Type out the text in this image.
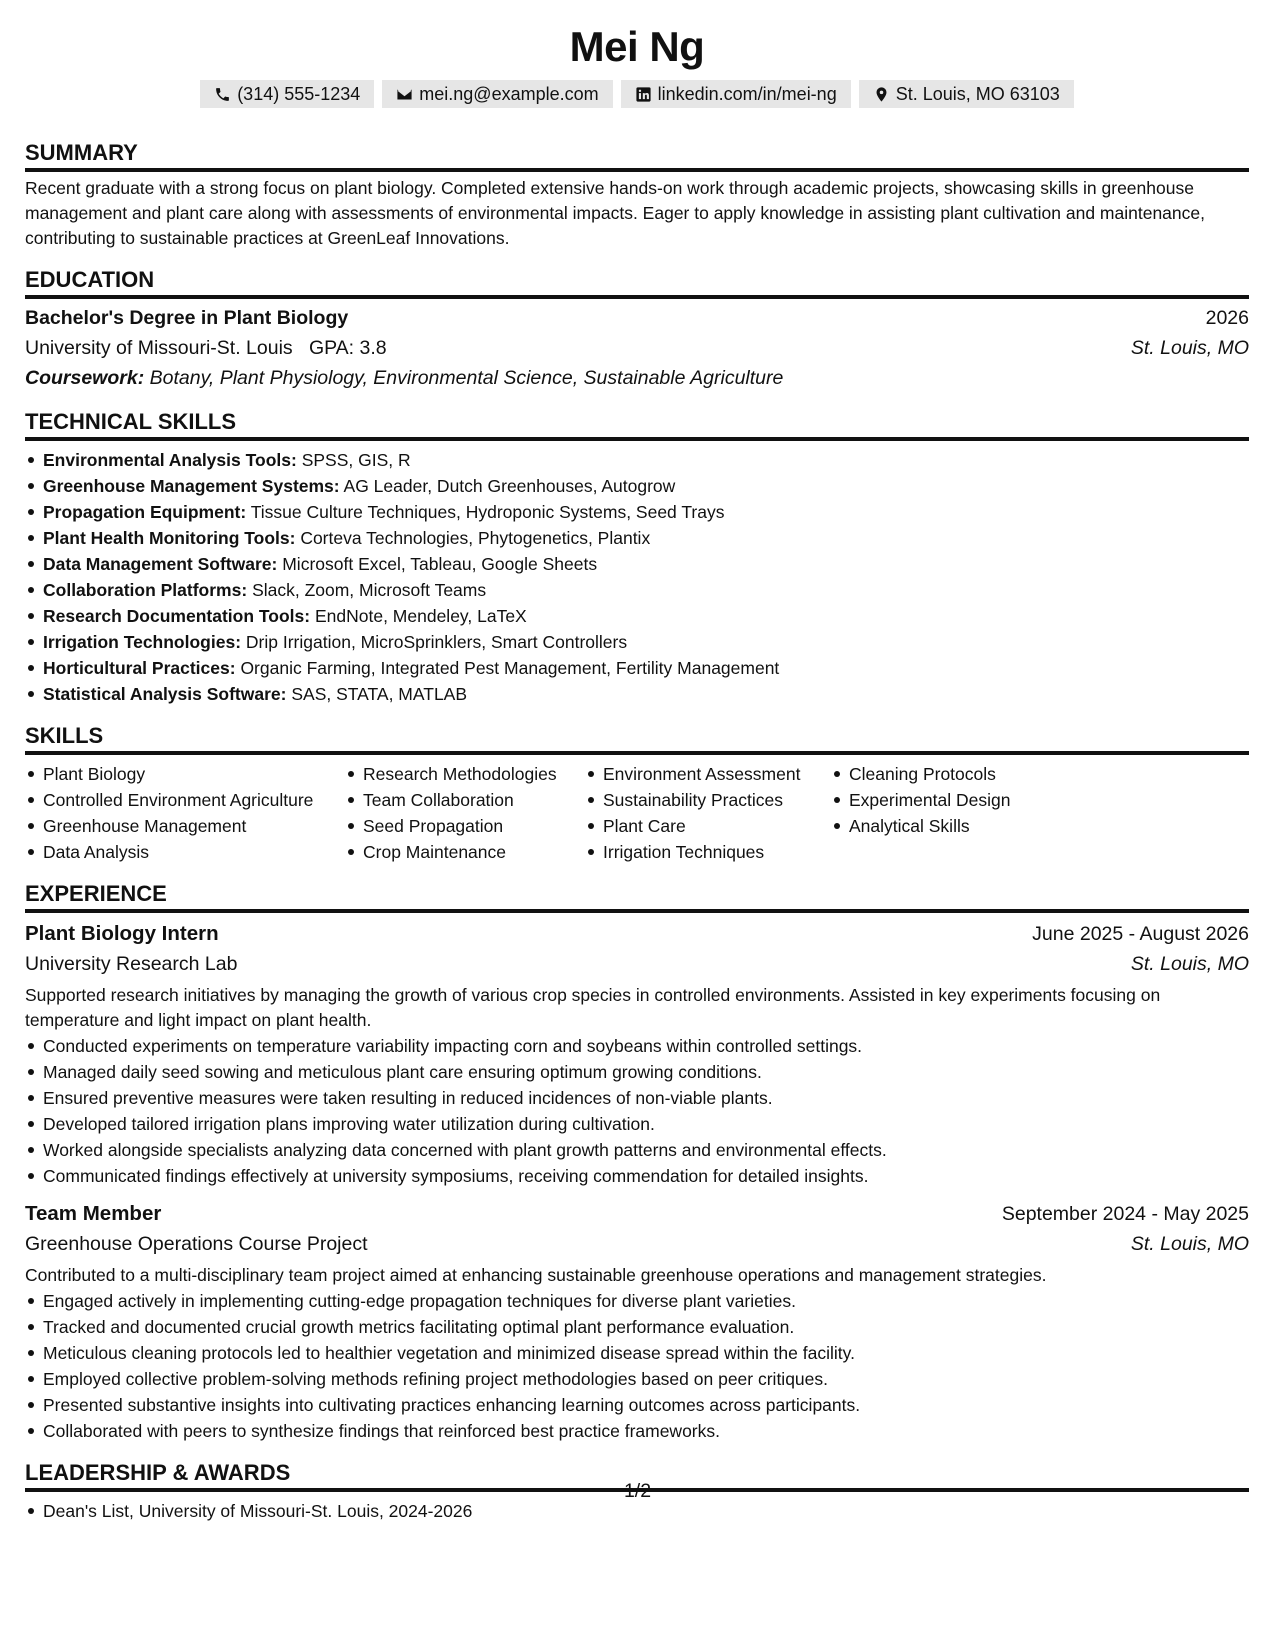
Mei Ng
(314) 555-1234	mei.ng@example.com	linkedin.com/in/mei-ng	St. Louis, MO 63103
SUMMARY
Recent graduate with a strong focus on plant biology. Completed extensive hands-on work through academic projects, showcasing skills in greenhouse management and plant care along with assessments of environmental impacts. Eager to apply knowledge in assisting plant cultivation and maintenance, contributing to sustainable practices at GreenLeaf Innovations.
EDUCATION
Bachelor's Degree in Plant Biology	2026
University of Missouri-St. Louis GPA: 3.8	St. Louis, MO
Coursework: Botany, Plant Physiology, Environmental Science, Sustainable Agriculture
TECHNICAL SKILLS
Environmental Analysis Tools: SPSS, GIS, R
Greenhouse Management Systems: AG Leader, Dutch Greenhouses, Autogrow
Propagation Equipment: Tissue Culture Techniques, Hydroponic Systems, Seed Trays
Plant Health Monitoring Tools: Corteva Technologies, Phytogenetics, Plantix
Data Management Software: Microsoft Excel, Tableau, Google Sheets
Collaboration Platforms: Slack, Zoom, Microsoft Teams
Research Documentation Tools: EndNote, Mendeley, LaTeX
Irrigation Technologies: Drip Irrigation, MicroSprinklers, Smart Controllers
Horticultural Practices: Organic Farming, Integrated Pest Management, Fertility Management
Statistical Analysis Software: SAS, STATA, MATLAB
SKILLS
Plant Biology
Controlled Environment Agriculture
Greenhouse Management
Data Analysis
Research Methodologies
Team Collaboration
Seed Propagation
Crop Maintenance
Environment Assessment
Sustainability Practices
Plant Care
Irrigation Techniques
Cleaning Protocols
Experimental Design
Analytical Skills
EXPERIENCE
Plant Biology Intern	June 2025 - August 2026
University Research Lab	St. Louis, MO
Supported research initiatives by managing the growth of various crop species in controlled environments. Assisted in key experiments focusing on temperature and light impact on plant health.
Conducted experiments on temperature variability impacting corn and soybeans within controlled settings.
Managed daily seed sowing and meticulous plant care ensuring optimum growing conditions.
Ensured preventive measures were taken resulting in reduced incidences of non-viable plants.
Developed tailored irrigation plans improving water utilization during cultivation.
Worked alongside specialists analyzing data concerned with plant growth patterns and environmental effects.
Communicated findings effectively at university symposiums, receiving commendation for detailed insights.
Team Member	September 2024 - May 2025
Greenhouse Operations Course Project	St. Louis, MO
Contributed to a multi-disciplinary team project aimed at enhancing sustainable greenhouse operations and management strategies.
Engaged actively in implementing cutting-edge propagation techniques for diverse plant varieties.
Tracked and documented crucial growth metrics facilitating optimal plant performance evaluation.
Meticulous cleaning protocols led to healthier vegetation and minimized disease spread within the facility.
Employed collective problem-solving methods refining project methodologies based on peer critiques.
Presented substantive insights into cultivating practices enhancing learning outcomes across participants.
Collaborated with peers to synthesize findings that reinforced best practice frameworks.
LEADERSHIP & AWARDS
Dean's List, University of Missouri-St. Louis, 2024-2026
1/2
